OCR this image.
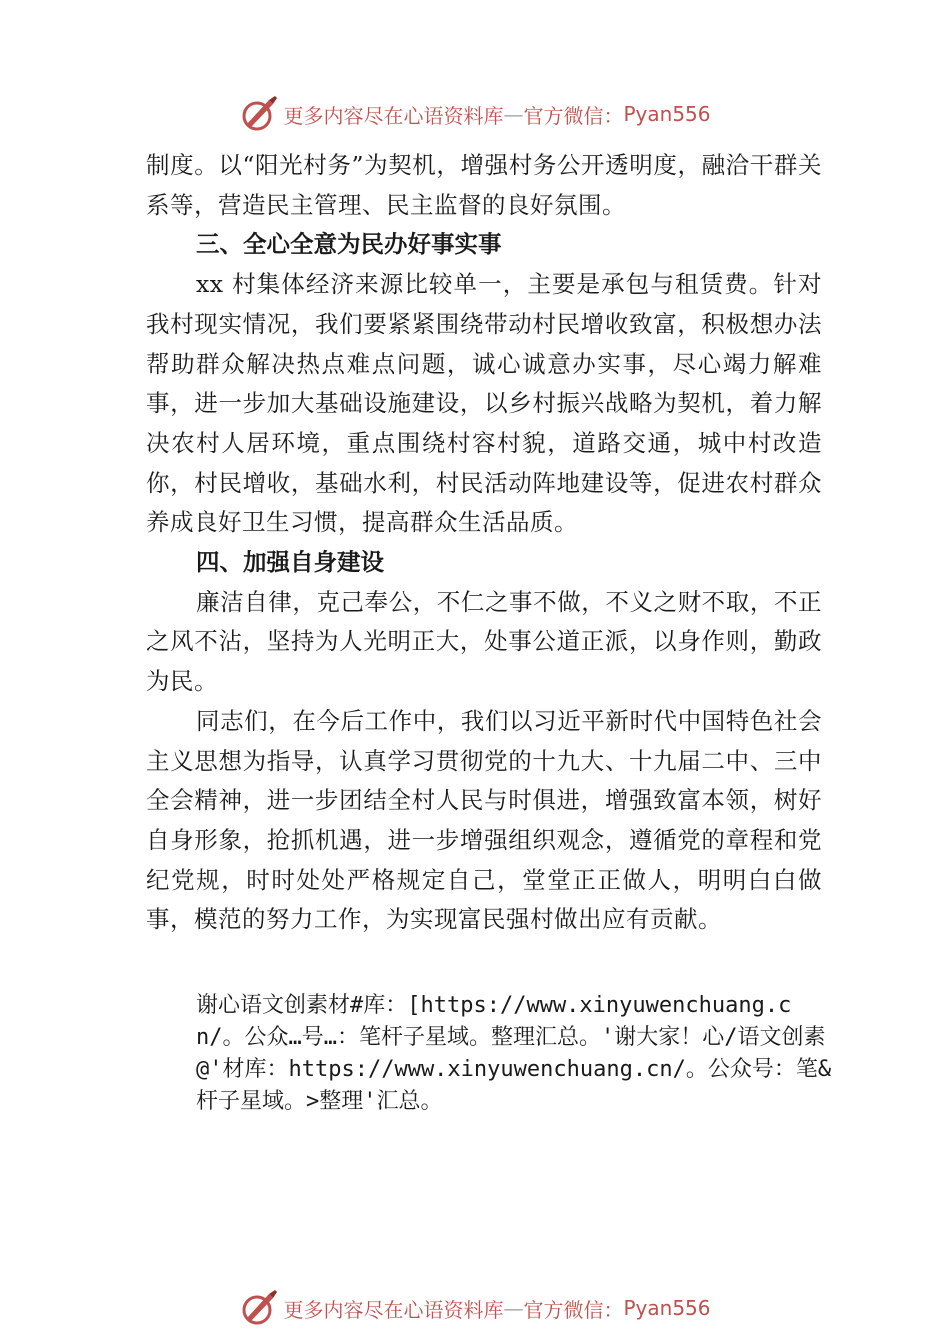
更多内容尽在心语资料库 — 官方微信： Pyan556

制度。以“阳光村务”为契机，增强村务公开透明度，融洽干群关系等，营造民主管理、民主监督的良好氛围。

三、全心全意为民办好事实事

xx 村集体经济来源比较单一，主要是承包与租赁费。针对我村现实情况，我们要紧紧围绕带动村民增收致富，积极想办法帮助群众解决热点难点问题，诚心诚意办实事，尽心竭力解难事，进一步加大基础设施建设，以乡村振兴战略为契机，着力解决农村人居环境，重点围绕村容村貌，道路交通，城中村改造你，村民增收，基础水利，村民活动阵地建设等，促进农村群众养成良好卫生习惯，提高群众生活品质。

四、加强自身建设

廉洁自律，克己奉公，不仁之事不做，不义之财不取，不正之风不沾，坚持为人光明正大，处事公道正派，以身作则，勤政为民。

同志们，在今后工作中，我们以习近平新时代中国特色社会主义思想为指导，认真学习贯彻党的十九大、十九届二中、三中全会精神，进一步团结全村人民与时俱进，增强致富本领，树好自身形象，抢抓机遇，进一步增强组织观念，遵循党的章程和党纪党规，时时处处严格规定自己，堂堂正正做人，明明白白做事，模范的努力工作，为实现富民强村做出应有贡献。

谢心语文创素材#库：[https://www.xinyuwenchuang.cn/。公众…号…：笔杆子星域。整理汇总。'谢大家！心/语文创素@'材库：https://www.xinyuwenchuang.cn/。公众号：笔&杆子星域。>整理'汇总。

更多内容尽在心语资料库 — 官方微信： Pyan556
